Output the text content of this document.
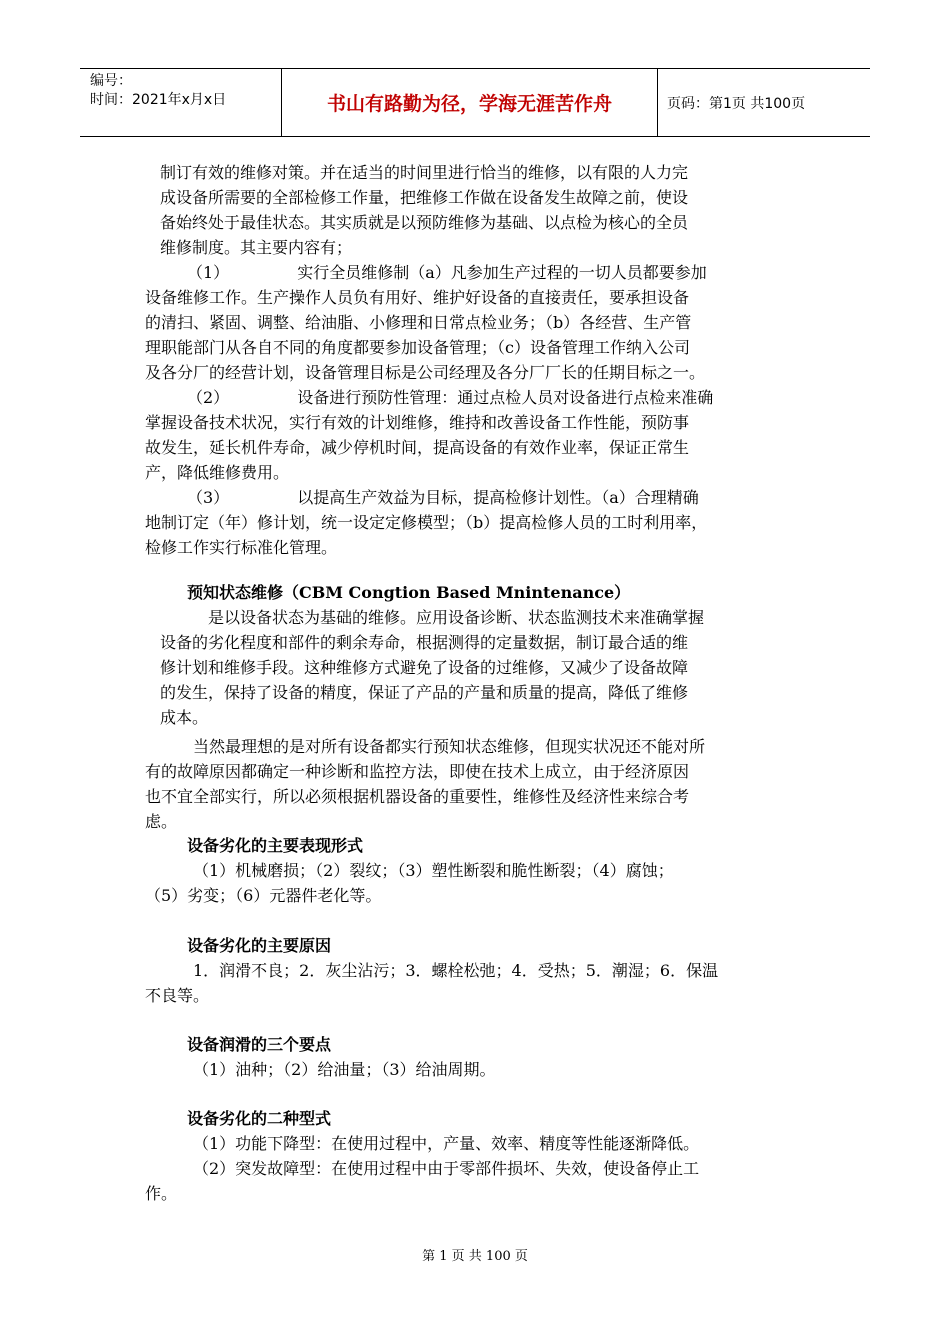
编号：
时间：2021年x月x日	书山有路勤为径，学海无涯苦作舟	页码：第1页 共100页
制订有效的维修对策。并在适当的时间里进行恰当的维修，以有限的人力完
成设备所需要的全部检修工作量，把维修工作做在设备发生故障之前，使设
备始终处于最佳状态。其实质就是以预防维修为基础、以点检为核心的全员
维修制度。其主要内容有；
（1）	实行全员维修制（a）凡参加生产过程的一切人员都要参加
设备维修工作。生产操作人员负有用好、维护好设备的直接责任，要承担设备
的清扫、紧固、调整、给油脂、小修理和日常点检业务；（b）各经营、生产管
理职能部门从各自不同的角度都要参加设备管理；（c）设备管理工作纳入公司
及各分厂的经营计划，设备管理目标是公司经理及各分厂厂长的任期目标之一。
（2）	设备进行预防性管理：通过点检人员对设备进行点检来准确
掌握设备技术状况，实行有效的计划维修，维持和改善设备工作性能，预防事
故发生，延长机件寿命，减少停机时间，提高设备的有效作业率，保证正常生
产，降低维修费用。
（3）	以提高生产效益为目标，提高检修计划性。（a）合理精确
地制订定（年）修计划，统一设定定修模型；（b）提高检修人员的工时利用率，
检修工作实行标准化管理。
预知状态维修（CBM Congtion Based Mnintenance）
是以设备状态为基础的维修。应用设备诊断、状态监测技术来准确掌握
设备的劣化程度和部件的剩余寿命，根据测得的定量数据，制订最合适的维
修计划和维修手段。这种维修方式避免了设备的过维修，又减少了设备故障
的发生，保持了设备的精度，保证了产品的产量和质量的提高，降低了维修
成本。
当然最理想的是对所有设备都实行预知状态维修，但现实状况还不能对所
有的故障原因都确定一种诊断和监控方法，即使在技术上成立，由于经济原因
也不宜全部实行，所以必须根据机器设备的重要性，维修性及经济性来综合考
虑。
设备劣化的主要表现形式
（1）机械磨损；（2）裂纹；（3）塑性断裂和脆性断裂；（4）腐蚀；
（5）劣变；（6）元器件老化等。
设备劣化的主要原因
1．润滑不良；2．灰尘沾污；3．螺栓松弛；4．受热；5．潮湿；6．保温
不良等。
设备润滑的三个要点
（1）油种；（2）给油量；（3）给油周期。
设备劣化的二种型式
（1）功能下降型：在使用过程中，产量、效率、精度等性能逐渐降低。
（2）突发故障型：在使用过程中由于零部件损坏、失效，使设备停止工
作。
第 1 页 共 100 页
